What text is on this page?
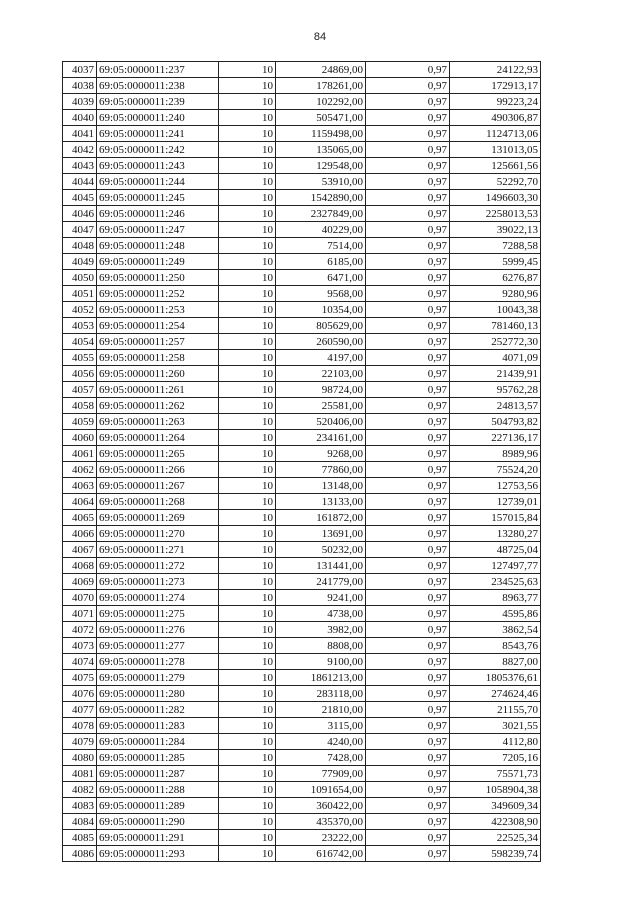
84
4037	69:05:0000011:237	10	24869,00	0,97	24122,93
4038	69:05:0000011:238	10	178261,00	0,97	172913,17
4039	69:05:0000011:239	10	102292,00	0,97	99223,24
4040	69:05:0000011:240	10	505471,00	0,97	490306,87
4041	69:05:0000011:241	10	1159498,00	0,97	1124713,06
4042	69:05:0000011:242	10	135065,00	0,97	131013,05
4043	69:05:0000011:243	10	129548,00	0,97	125661,56
4044	69:05:0000011:244	10	53910,00	0,97	52292,70
4045	69:05:0000011:245	10	1542890,00	0,97	1496603,30
4046	69:05:0000011:246	10	2327849,00	0,97	2258013,53
4047	69:05:0000011:247	10	40229,00	0,97	39022,13
4048	69:05:0000011:248	10	7514,00	0,97	7288,58
4049	69:05:0000011:249	10	6185,00	0,97	5999,45
4050	69:05:0000011:250	10	6471,00	0,97	6276,87
4051	69:05:0000011:252	10	9568,00	0,97	9280,96
4052	69:05:0000011:253	10	10354,00	0,97	10043,38
4053	69:05:0000011:254	10	805629,00	0,97	781460,13
4054	69:05:0000011:257	10	260590,00	0,97	252772,30
4055	69:05:0000011:258	10	4197,00	0,97	4071,09
4056	69:05:0000011:260	10	22103,00	0,97	21439,91
4057	69:05:0000011:261	10	98724,00	0,97	95762,28
4058	69:05:0000011:262	10	25581,00	0,97	24813,57
4059	69:05:0000011:263	10	520406,00	0,97	504793,82
4060	69:05:0000011:264	10	234161,00	0,97	227136,17
4061	69:05:0000011:265	10	9268,00	0,97	8989,96
4062	69:05:0000011:266	10	77860,00	0,97	75524,20
4063	69:05:0000011:267	10	13148,00	0,97	12753,56
4064	69:05:0000011:268	10	13133,00	0,97	12739,01
4065	69:05:0000011:269	10	161872,00	0,97	157015,84
4066	69:05:0000011:270	10	13691,00	0,97	13280,27
4067	69:05:0000011:271	10	50232,00	0,97	48725,04
4068	69:05:0000011:272	10	131441,00	0,97	127497,77
4069	69:05:0000011:273	10	241779,00	0,97	234525,63
4070	69:05:0000011:274	10	9241,00	0,97	8963,77
4071	69:05:0000011:275	10	4738,00	0,97	4595,86
4072	69:05:0000011:276	10	3982,00	0,97	3862,54
4073	69:05:0000011:277	10	8808,00	0,97	8543,76
4074	69:05:0000011:278	10	9100,00	0,97	8827,00
4075	69:05:0000011:279	10	1861213,00	0,97	1805376,61
4076	69:05:0000011:280	10	283118,00	0,97	274624,46
4077	69:05:0000011:282	10	21810,00	0,97	21155,70
4078	69:05:0000011:283	10	3115,00	0,97	3021,55
4079	69:05:0000011:284	10	4240,00	0,97	4112,80
4080	69:05:0000011:285	10	7428,00	0,97	7205,16
4081	69:05:0000011:287	10	77909,00	0,97	75571,73
4082	69:05:0000011:288	10	1091654,00	0,97	1058904,38
4083	69:05:0000011:289	10	360422,00	0,97	349609,34
4084	69:05:0000011:290	10	435370,00	0,97	422308,90
4085	69:05:0000011:291	10	23222,00	0,97	22525,34
4086	69:05:0000011:293	10	616742,00	0,97	598239,74
